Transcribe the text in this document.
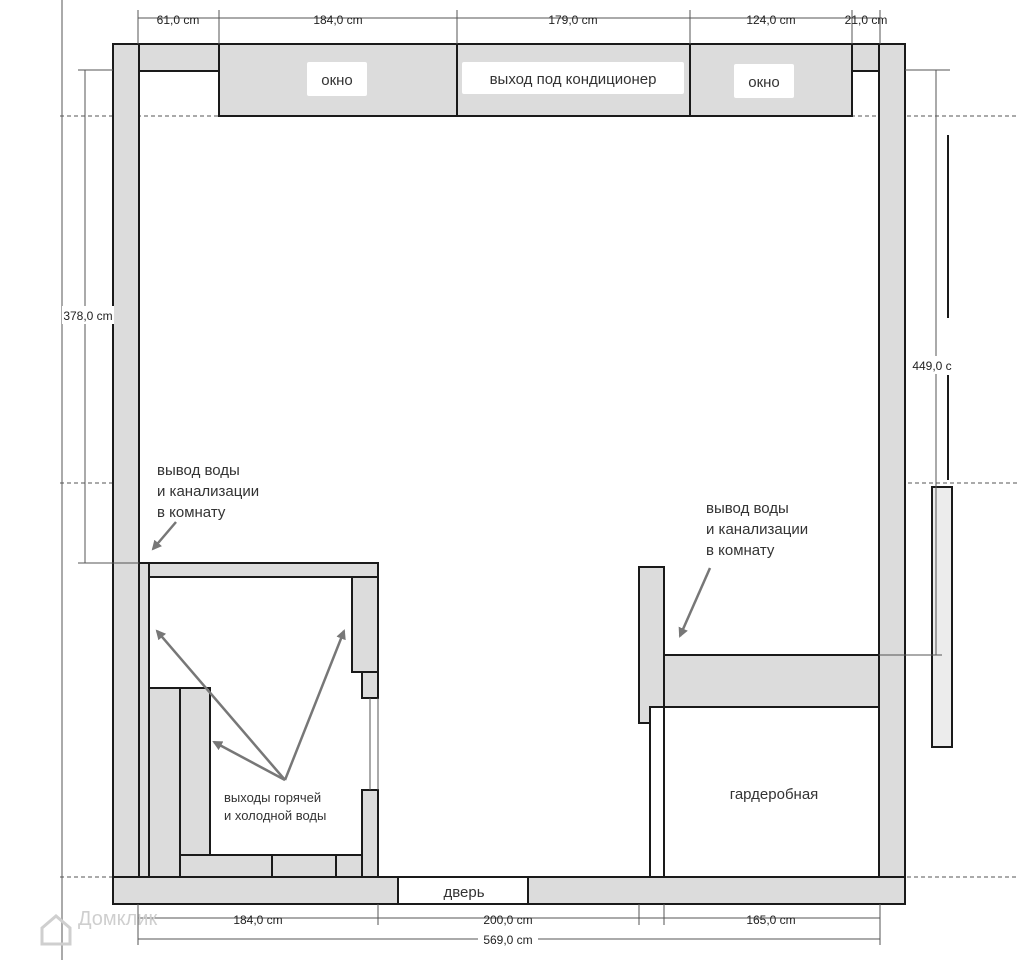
61,0 cm	184,0 cm	179,0 cm	124,0 cm	21,0 cm
378,0 cm
449,0 c
184,0 cm	200,0 cm	165,0 cm
569,0 cm
окно	выход под кондиционер	окно
дверь
вывод воды
и канализации
в комнату	вывод воды
и канализации
в комнату
выходы горячей
и холодной воды
гардеробная
Домклик
